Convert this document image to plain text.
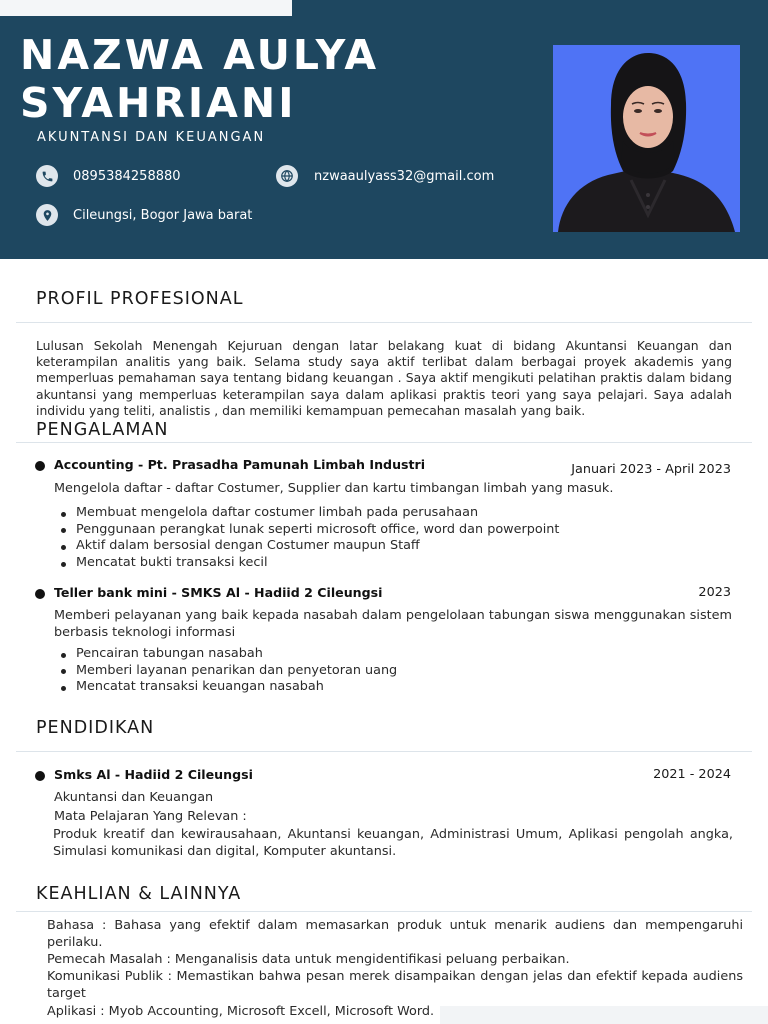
NAZWA AULYA
SYAHRIANI
AKUNTANSI DAN KEUANGAN
0895384258880	nzwaaulyass32@gmail.com
Cileungsi, Bogor Jawa barat
PROFIL PROFESIONAL
Lulusan Sekolah Menengah Kejuruan dengan latar belakang kuat di bidang Akuntansi Keuangan dan keterampilan analitis yang baik. Selama study saya aktif terlibat dalam berbagai proyek akademis yang memperluas pemahaman saya tentang bidang keuangan . Saya aktif mengikuti pelatihan praktis dalam bidang akuntansi yang memperluas keterampilan saya dalam aplikasi praktis teori yang saya pelajari. Saya adalah individu yang teliti, analistis , dan memiliki kemampuan pemecahan masalah yang baik.
PENGALAMAN
Accounting - Pt. Prasadha Pamunah Limbah Industri	Januari 2023 - April 2023
Mengelola daftar - daftar Costumer, Supplier dan kartu timbangan limbah yang masuk.
Membuat mengelola daftar costumer limbah pada perusahaan
Penggunaan perangkat lunak seperti microsoft office, word dan powerpoint
Aktif dalam bersosial dengan Costumer maupun Staff
Mencatat bukti transaksi kecil
Teller bank mini - SMKS Al - Hadiid 2 Cileungsi	2023
Memberi pelayanan yang baik kepada nasabah dalam pengelolaan tabungan siswa menggunakan sistem berbasis teknologi informasi
Pencairan tabungan nasabah
Memberi layanan penarikan dan penyetoran uang
Mencatat transaksi keuangan nasabah
PENDIDIKAN
Smks Al - Hadiid 2 Cileungsi	2021 - 2024
Akuntansi dan Keuangan
Mata Pelajaran Yang Relevan :
Produk kreatif dan kewirausahaan, Akuntansi keuangan, Administrasi Umum, Aplikasi pengolah angka, Simulasi komunikasi dan digital, Komputer akuntansi.
KEAHLIAN & LAINNYA
Bahasa : Bahasa yang efektif dalam memasarkan produk untuk menarik audiens dan mempengaruhi perilaku.
Pemecah Masalah : Menganalisis data untuk mengidentifikasi peluang perbaikan.
Komunikasi Publik : Memastikan bahwa pesan merek disampaikan dengan jelas dan efektif kepada audiens target
Aplikasi : Myob Accounting, Microsoft Excell, Microsoft Word.
